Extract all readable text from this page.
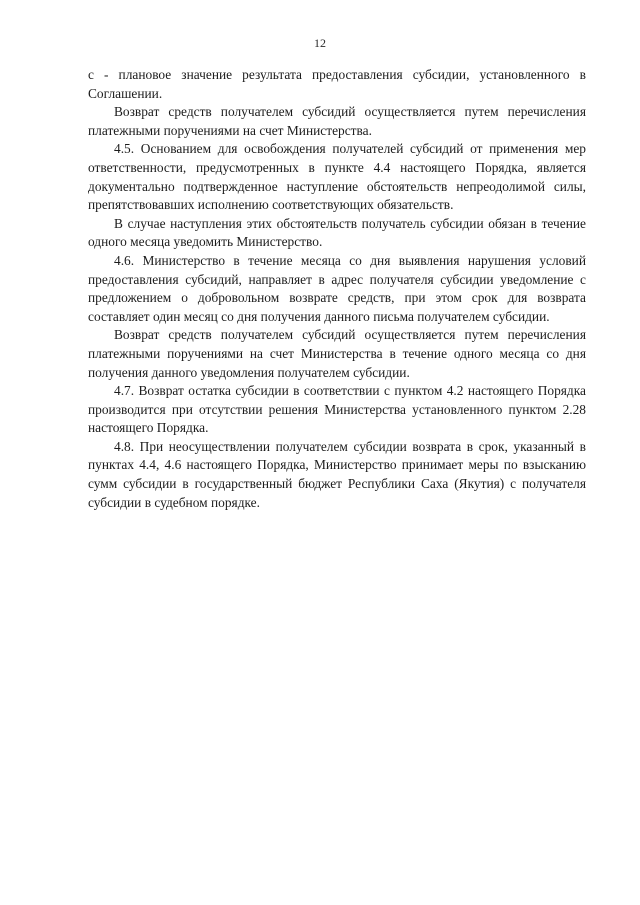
12

с - плановое значение результата предоставления субсидии, установленного в Соглашении.

Возврат средств получателем субсидий осуществляется путем перечисления платежными поручениями на счет Министерства.

4.5. Основанием для освобождения получателей субсидий от применения мер ответственности, предусмотренных в пункте 4.4 настоящего Порядка, является документально подтвержденное наступление обстоятельств непреодолимой силы, препятствовавших исполнению соответствующих обязательств.

В случае наступления этих обстоятельств получатель субсидии обязан в течение одного месяца уведомить Министерство.

4.6. Министерство в течение месяца со дня выявления нарушения условий предоставления субсидий, направляет в адрес получателя субсидии уведомление с предложением о добровольном возврате средств, при этом срок для возврата составляет один месяц со дня получения данного письма получателем субсидии.

Возврат средств получателем субсидий осуществляется путем перечисления платежными поручениями на счет Министерства в течение одного месяца со дня получения данного уведомления получателем субсидии.

4.7. Возврат остатка субсидии в соответствии с пунктом 4.2 настоящего Порядка производится при отсутствии решения Министерства установленного пунктом 2.28 настоящего Порядка.

4.8. При неосуществлении получателем субсидии возврата в срок, указанный в пунктах 4.4, 4.6 настоящего Порядка, Министерство принимает меры по взысканию сумм субсидии в государственный бюджет Республики Саха (Якутия) с получателя субсидии в судебном порядке.
